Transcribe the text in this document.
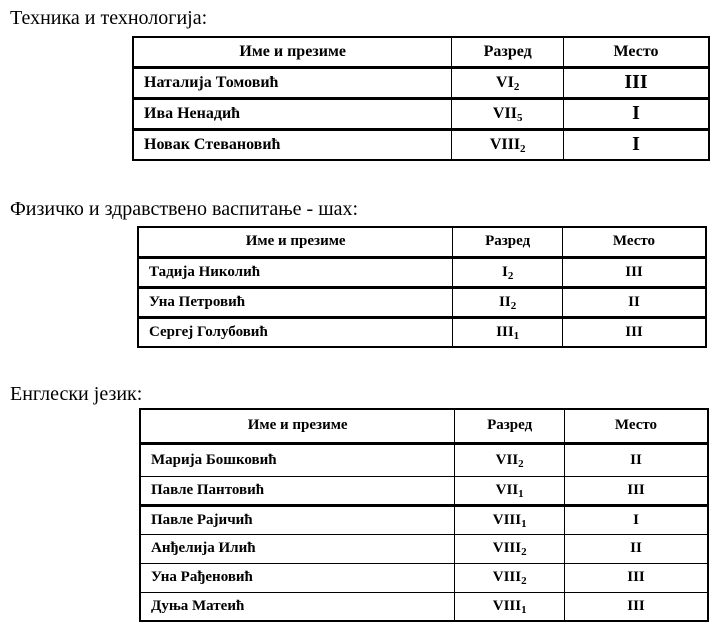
Техника и технологија:
Име и презиме	Разред	Место
Наталија Томовић	$VI_2$	III
Ива Ненадић	$VII_5$	I
Новак Стевановић	$VIII_2$	I
Физичко и здравствено васпитање - шах:
Име и презиме	Разред	Место
Тадија Николић	$I_2$	III
Уна Петровић	$II_2$	II
Сергеј Голубовић	$III_1$	III
Енглески језик:
Име и презиме	Разред	Место
Марија Бошковић	$VII_2$	II
Павле Пантовић	$VII_1$	III
Павле Рајичић	$VIII_1$	I
Анђелија Илић	$VIII_2$	II
Уна Рађеновић	$VIII_2$	III
Дуња Матеић	$VIII_1$	III
